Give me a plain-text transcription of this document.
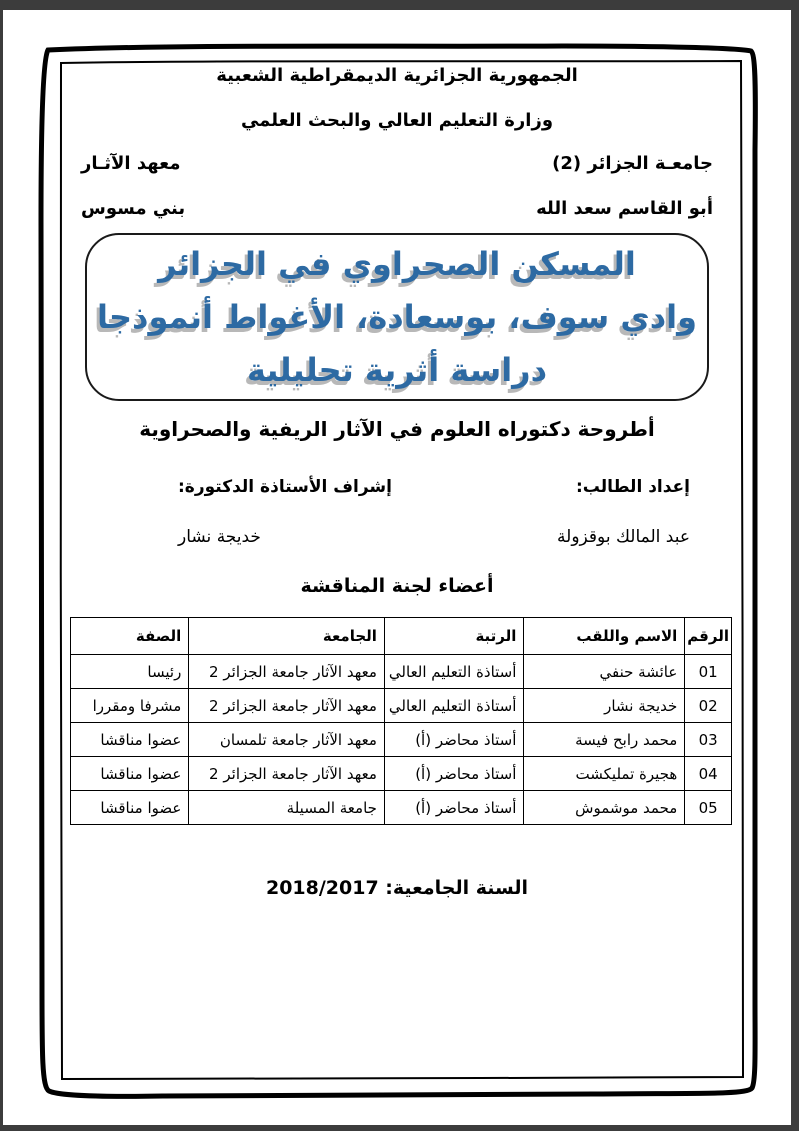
الجمهورية الجزائرية الديمقراطية الشعبية
وزارة التعليم العالي والبحث العلمي
جامعـة الجزائر (2)
معهد الآثـار
أبو القاسم سعد الله
بني مسوس
المسكن الصحراوي في الجزائر
وادي سوف، بوسعادة، الأغواط أنموذجا
دراسة أثرية تحليلية
أطروحة دكتوراه العلوم في الآثار الريفية والصحراوية
إعداد الطالب:
إشراف الأستاذة الدكتورة:
عبد المالك بوقزولة
خديجة نشار
أعضاء لجنة المناقشة
الرقم	الاسم واللقب	الرتبة	الجامعة	الصفة
01	عائشة حنفي	أستاذة التعليم العالي	معهد الآثار جامعة الجزائر 2	رئيسا
02	خديجة نشار	أستاذة التعليم العالي	معهد الآثار جامعة الجزائر 2	مشرفا ومقررا
03	محمد رابح فيسة	أستاذ محاضر (أ)	معهد الآثار جامعة تلمسان	عضوا مناقشا
04	هجيرة تمليكشت	أستاذ محاضر (أ)	معهد الآثار جامعة الجزائر 2	عضوا مناقشا
05	محمد موشموش	أستاذ محاضر (أ)	جامعة المسيلة	عضوا مناقشا
السنة الجامعية: 2018/2017
